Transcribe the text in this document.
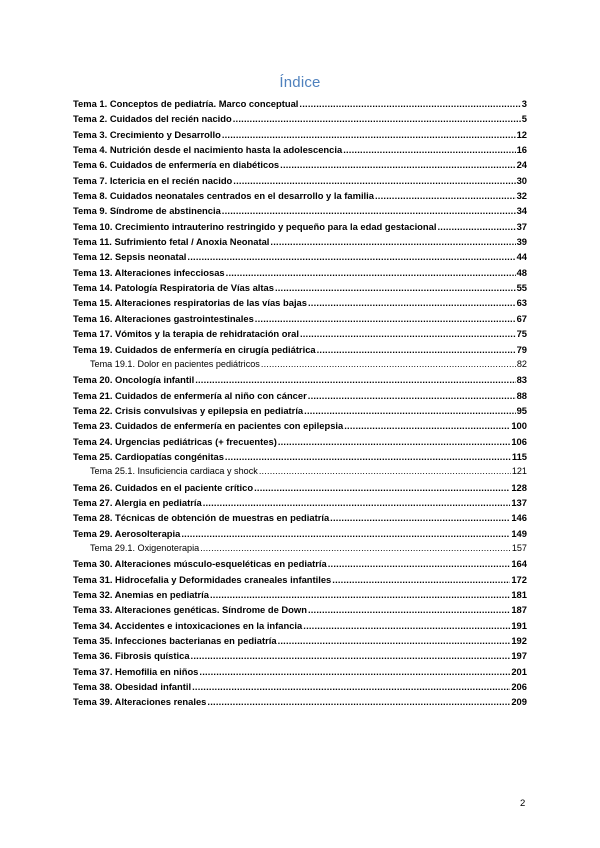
Índice
Tema 1. Conceptos de pediatría. Marco conceptual .....	3
Tema 2. Cuidados del recién nacido .....	5
Tema 3. Crecimiento y Desarrollo .....	12
Tema 4. Nutrición desde el nacimiento hasta la adolescencia .....	16
Tema 6. Cuidados de enfermería en diabéticos .....	24
Tema 7. Ictericia en el recién nacido .....	30
Tema 8. Cuidados neonatales centrados en el desarrollo y la familia .....	32
Tema 9. Síndrome de abstinencia .....	34
Tema 10. Crecimiento intrauterino restringido y pequeño para la edad gestacional .....	37
Tema 11. Sufrimiento fetal / Anoxia Neonatal .....	39
Tema 12. Sepsis neonatal .....	44
Tema 13. Alteraciones infecciosas .....	48
Tema 14. Patología Respiratoria de Vías altas .....	55
Tema 15. Alteraciones respiratorias de las vías bajas .....	63
Tema 16. Alteraciones gastrointestinales .....	67
Tema 17. Vómitos y la terapia de rehidratación oral .....	75
Tema 19. Cuidados de enfermería en cirugía pediátrica .....	79
Tema 19.1. Dolor en pacientes pediátricos .....	82
Tema 20. Oncología infantil .....	83
Tema 21. Cuidados de enfermería al niño con cáncer .....	88
Tema 22. Crisis convulsivas y epilepsia en pediatría .....	95
Tema 23. Cuidados de enfermería en pacientes con epilepsia .....	100
Tema 24. Urgencias pediátricas (+ frecuentes) .....	106
Tema 25. Cardiopatías congénitas .....	115
Tema 25.1. Insuficiencia cardiaca y shock .....	121
Tema 26. Cuidados en el paciente crítico .....	128
Tema 27. Alergia en pediatría .....	137
Tema 28. Técnicas de obtención de muestras en pediatría .....	146
Tema 29. Aerosolterapia .....	149
Tema 29.1. Oxigenoterapia .....	157
Tema 30. Alteraciones músculo-esqueléticas en pediatría .....	164
Tema 31. Hidrocefalia y Deformidades craneales infantiles .....	172
Tema 32. Anemias en pediatría .....	181
Tema 33. Alteraciones genéticas. Síndrome de Down .....	187
Tema 34. Accidentes e intoxicaciones en la infancia .....	191
Tema 35. Infecciones bacterianas en pediatría .....	192
Tema 36. Fibrosis quística .....	197
Tema 37. Hemofilia en niños .....	201
Tema 38. Obesidad infantil .....	206
Tema 39. Alteraciones renales .....	209
2
